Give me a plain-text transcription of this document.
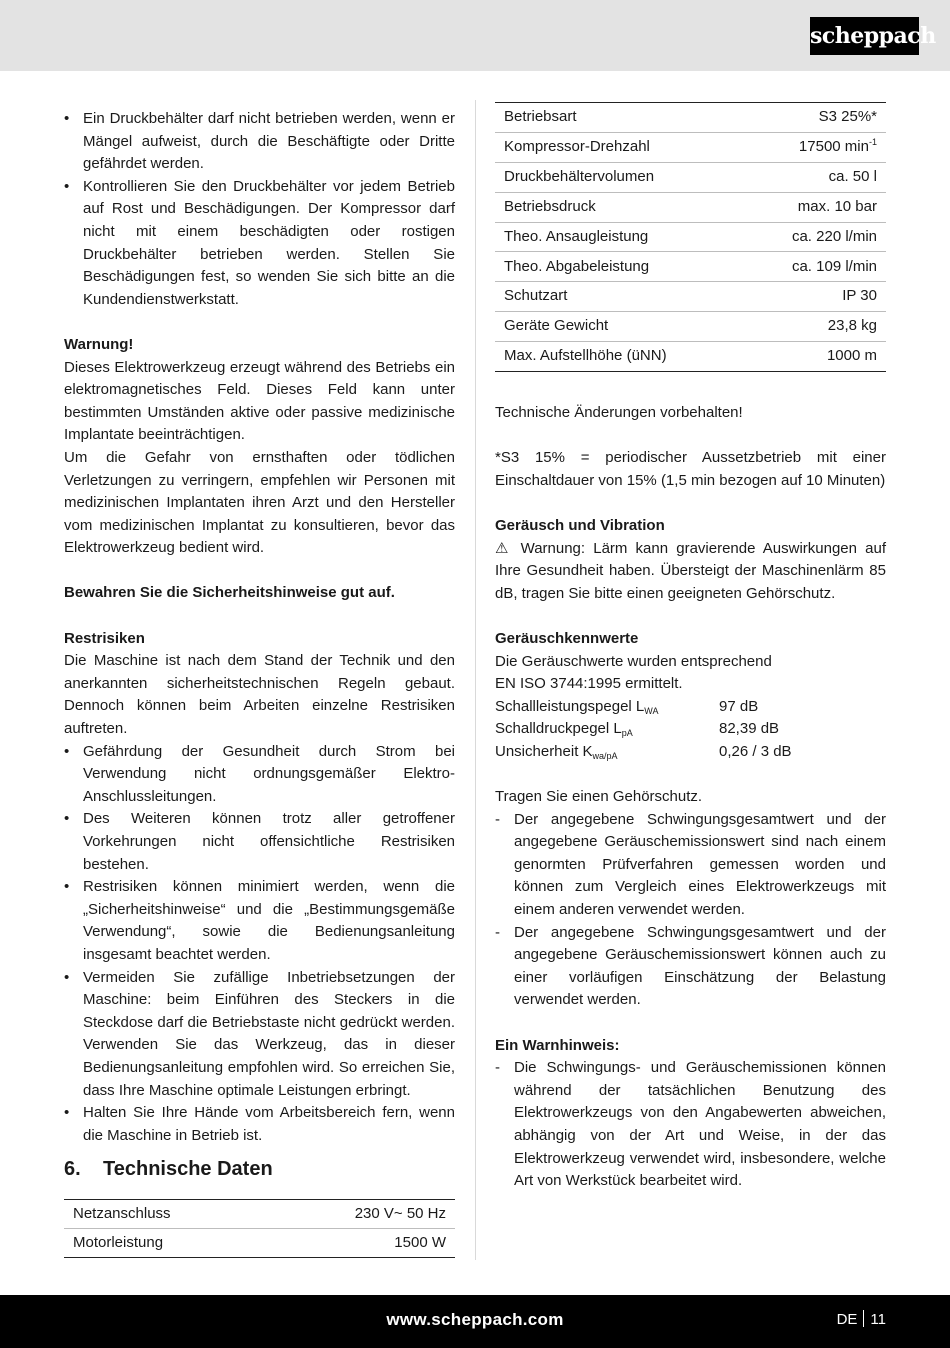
scheppach
• Ein Druckbehälter darf nicht betrieben werden, wenn er Mängel aufweist, durch die Beschäftigte oder Dritte gefährdet werden.
• Kontrollieren Sie den Druckbehälter vor jedem Betrieb auf Rost und Beschädigungen. Der Kompressor darf nicht mit einem beschädigten oder rostigen Druckbehälter betrieben werden. Stellen Sie Beschädigungen fest, so wenden Sie sich bitte an die Kundendienstwerkstatt.

Warnung!

Dieses Elektrowerkzeug erzeugt während des Betriebs ein elektromagnetisches Feld. Dieses Feld kann unter bestimmten Umständen aktive oder passive medizinische Implantate beeinträchtigen.

Um die Gefahr von ernsthaften oder tödlichen Verletzungen zu verringern, empfehlen wir Personen mit medizinischen Implantaten ihren Arzt und den Hersteller vom medizinischen Implantat zu konsultieren, bevor das Elektrowerkzeug bedient wird.

Bewahren Sie die Sicherheitshinweise gut auf.

Restrisiken

Die Maschine ist nach dem Stand der Technik und den anerkannten sicherheitstechnischen Regeln gebaut. Dennoch können beim Arbeiten einzelne Restrisiken auftreten.

• Gefährdung der Gesundheit durch Strom bei Verwendung nicht ordnungsgemäßer Elektro-Anschlussleitungen.
• Des Weiteren können trotz aller getroffener Vorkehrungen nicht offensichtliche Restrisiken bestehen.
• Restrisiken können minimiert werden, wenn die „Sicherheitshinweise“ und die „Bestimmungsgemäße Verwendung“, sowie die Bedienungsanleitung insgesamt beachtet werden.
• Vermeiden Sie zufällige Inbetriebsetzungen der Maschine: beim Einführen des Steckers in die Steckdose darf die Betriebstaste nicht gedrückt werden. Verwenden Sie das Werkzeug, das in dieser Bedienungsanleitung empfohlen wird. So erreichen Sie, dass Ihre Maschine optimale Leistungen erbringt.
• Halten Sie Ihre Hände vom Arbeitsbereich fern, wenn die Maschine in Betrieb ist.
6.	Technische Daten
Netzanschluss	230 V~ 50 Hz
Motorleistung	1500 W
Betriebsart	S3 25%*
Kompressor-Drehzahl	17500 $\min^{-1}$
Druckbehältervolumen	ca. 50 l
Betriebsdruck	max. 10 bar
Theo. Ansaugleistung	ca. 220 l/min
Theo. Abgabeleistung	ca. 109 l/min
Schutzart	IP 30
Geräte Gewicht	23,8 kg
Max. Aufstellhöhe (üNN)	1000 m

Technische Änderungen vorbehalten!

*S3 15% = periodischer Aussetzbetrieb mit einer Einschaltdauer von 15% (1,5 min bezogen auf 10 Minuten)

Geräusch und Vibration

⚠ Warnung: Lärm kann gravierende Auswirkungen auf Ihre Gesundheit haben. Übersteigt der Maschinenlärm 85 dB, tragen Sie bitte einen geeigneten Gehörschutz.

Geräuschkennwerte

Die Geräuschwerte wurden entsprechend

EN ISO 3744:1995 ermittelt.

Schallleistungspegel $L_{WA}$	97 dB
Schalldruckpegel $L_{pA}$	82,39 dB
Unsicherheit $K_{wa/pA}$	0,26 / 3 dB

Tragen Sie einen Gehörschutz.

- Der angegebene Schwingungsgesamtwert und der angegebene Geräuschemissionswert sind nach einem genormten Prüfverfahren gemessen worden und können zum Vergleich eines Elektrowerkzeugs mit einem anderen verwendet werden.
- Der angegebene Schwingungsgesamtwert und der angegebene Geräuschemissionswert können auch zu einer vorläufigen Einschätzung der Belastung verwendet werden.

Ein Warnhinweis:

- Die Schwingungs- und Geräuschemissionen können während der tatsächlichen Benutzung des Elektrowerkzeugs von den Angabewerten abweichen, abhängig von der Art und Weise, in der das Elektrowerkzeug verwendet wird, insbesondere, welche Art von Werkstück bearbeitet wird.
www.scheppach.com	DE 11
